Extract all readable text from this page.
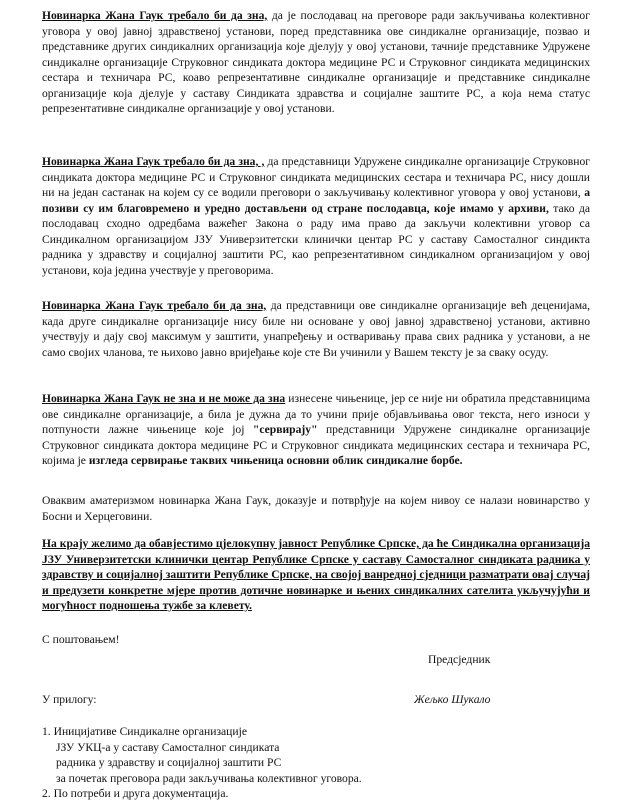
Новинарка Жана Гаук требало би да зна, да је послодавац на преговоре ради закључивања колективног уговора у овој јавној здравственој установи, поред представника ове синдикалне организације, позвао и представнике других синдикалних организација које дјелују у овој установи, тачније представнике Удружене синдикалне организације Струковног синдиката доктора медицине РС и Струковног синдиката медицинских сестара и техничара РС, коаво репрезентативне синдикалне организације и представнике синдикалне организације која дјелује у саставу Синдиката здравства и социјалне заштите РС, а која нема статус репрезентативне синдикалне организације у овој установи.

Новинарка Жана Гаук требало би да зна, , да представници Удружене синдикалне организације Струковног синдиката доктора медицине РС и Струковног синдиката медицинских сестара и техничара РС, нису дошли ни на један састанак на којем су се водили преговори о закључивању колективног уговора у овој установи, а позиви су им благовремено и уредно достављени од стране послодавца, које имамо у архиви, тако да послодавац сходно одредбама важећег Закона о раду има право да закључи колективни уговор са Синдикалном организацијом ЈЗУ Универзитетски клинички центар РС у саставу Самосталног синдикта радника у здравству и социјалној заштити РС, као репрезентативном синдикалном организацијом у овој установи, која једина учествује у преговорима.

Новинарка Жана Гаук требало би да зна, да представници ове синдикалне организације већ деценијама, када друге синдикалне организације нису биле ни основане у овој јавној здравственој установи, активно учествују и дају свој максимум у заштити, унапређењу и остваривању права свих радника у установи, а не само својих чланова, те њихово јавно вријеђање које сте Ви учинили у Вашем тексту је за сваку осуду.

Новинарка Жана Гаук не зна и не може да зна изнесене чињенице, јер се није ни обратила представницима ове синдикалне организације, а била је дужна да то учини прије објављивања овог текста, него износи у потпуности лажне чињенице које јој "сервирају" представници Удружене синдикалне организације Струковног синдиката доктора медицине РС и Струковног синдиката медицинских сестара и техничара РС, којима је изгледа сервирање таквих чињеница основни облик синдикалне борбе.

Оваквим аматеризмом новинарка Жана Гаук, доказује и потврђује на којем нивоу се налази новинарство у Босни и Херцеговини.

На крају желимо да обавјестимо цјелокупну јавност Републике Српске, да ће Синдикална организација ЈЗУ Универзитетски клинички центар Републике Српске у саставу Самосталног синдиката радника у здравству и социјалној заштити Републике Српске, на својој ванредној сједници разматрати овај случај и предузети конкретне мјере против дотичне новинарке и њених синдикалних сателита укључујући и могућност подношења тужбе за клевету.

С поштовањем!
Предсједник
У прилогу:	Жељко Шукало
1. Иницијативе Синдикалне организације
ЈЗУ УКЦ-а у саставу Самосталног синдиката
радника у здравству и социјалној заштити РС
за почетак преговора ради закључивања колективног уговора.
2. По потреби и друга документација.
